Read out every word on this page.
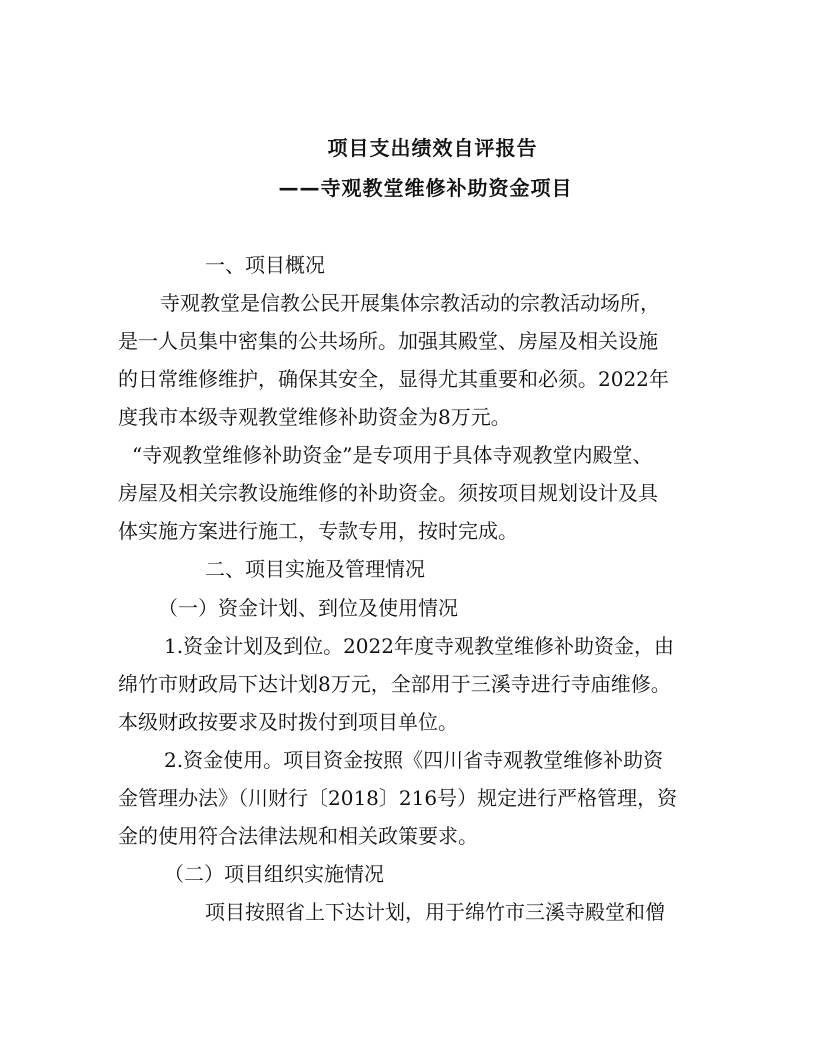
项目支出绩效自评报告
——寺观教堂维修补助资金项目
一、项目概况
寺观教堂是信教公民开展集体宗教活动的宗教活动场所，
是一人员集中密集的公共场所。加强其殿堂、房屋及相关设施
的日常维修维护，确保其安全，显得尤其重要和必须。2022年
度我市本级寺观教堂维修补助资金为8万元。
“寺观教堂维修补助资金”是专项用于具体寺观教堂内殿堂、
房屋及相关宗教设施维修的补助资金。须按项目规划设计及具
体实施方案进行施工，专款专用，按时完成。
二、项目实施及管理情况
（一）资金计划、到位及使用情况
1.资金计划及到位。2022年度寺观教堂维修补助资金，由
绵竹市财政局下达计划8万元，全部用于三溪寺进行寺庙维修。
本级财政按要求及时拨付到项目单位。
2.资金使用。项目资金按照《四川省寺观教堂维修补助资
金管理办法》（川财行〔2018〕216号）规定进行严格管理，资
金的使用符合法律法规和相关政策要求。
（二）项目组织实施情况
项目按照省上下达计划，用于绵竹市三溪寺殿堂和僧
